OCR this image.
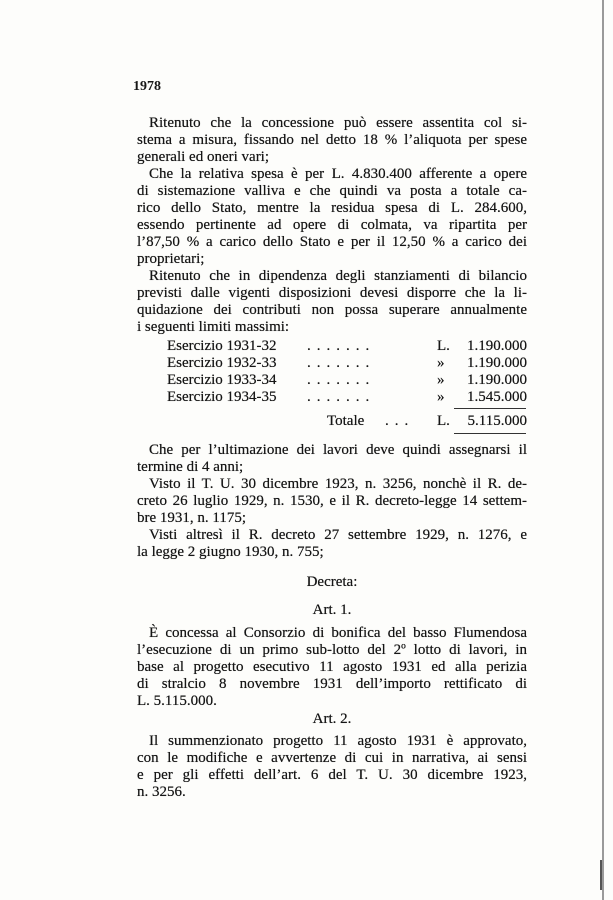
1978
Ritenuto che la concessione può essere assentita col si-
stema a misura, fissando nel detto 18 % l’aliquota per spese
generali ed oneri vari;
Che la relativa spesa è per L. 4.830.400 afferente a opere
di sistemazione valliva e che quindi va posta a totale ca-
rico dello Stato, mentre la residua spesa di L. 284.600,
essendo pertinente ad opere di colmata, va ripartita per
l’87,50 % a carico dello Stato e per il 12,50 % a carico dei
proprietari;
Ritenuto che in dipendenza degli stanziamenti di bilancio
previsti dalle vigenti disposizioni devesi disporre che la li-
quidazione dei contributi non possa superare annualmente
i seguenti limiti massimi:
Esercizio 1931-32	.......	L.	1.190.000
Esercizio 1932-33	.......	»	1.190.000
Esercizio 1933-34	.......	»	1.190.000
Esercizio 1934-35	.......	»	1.545.000
Totale	...	L.	5.115.000
Che per l’ultimazione dei lavori deve quindi assegnarsi il
termine di 4 anni;
Visto il T. U. 30 dicembre 1923, n. 3256, nonchè il R. de-
creto 26 luglio 1929, n. 1530, e il R. decreto-legge 14 settem-
bre 1931, n. 1175;
Visti altresì il R. decreto 27 settembre 1929, n. 1276, e
la legge 2 giugno 1930, n. 755;
Decreta:
Art. 1.
È concessa al Consorzio di bonifica del basso Flumendosa
l’esecuzione di un primo sub-lotto del 2º lotto di lavori, in
base al progetto esecutivo 11 agosto 1931 ed alla perizia
di stralcio 8 novembre 1931 dell’importo rettificato di
L. 5.115.000.
Art. 2.
Il summenzionato progetto 11 agosto 1931 è approvato,
con le modifiche e avvertenze di cui in narrativa, ai sensi
e per gli effetti dell’art. 6 del T. U. 30 dicembre 1923,
n. 3256.
